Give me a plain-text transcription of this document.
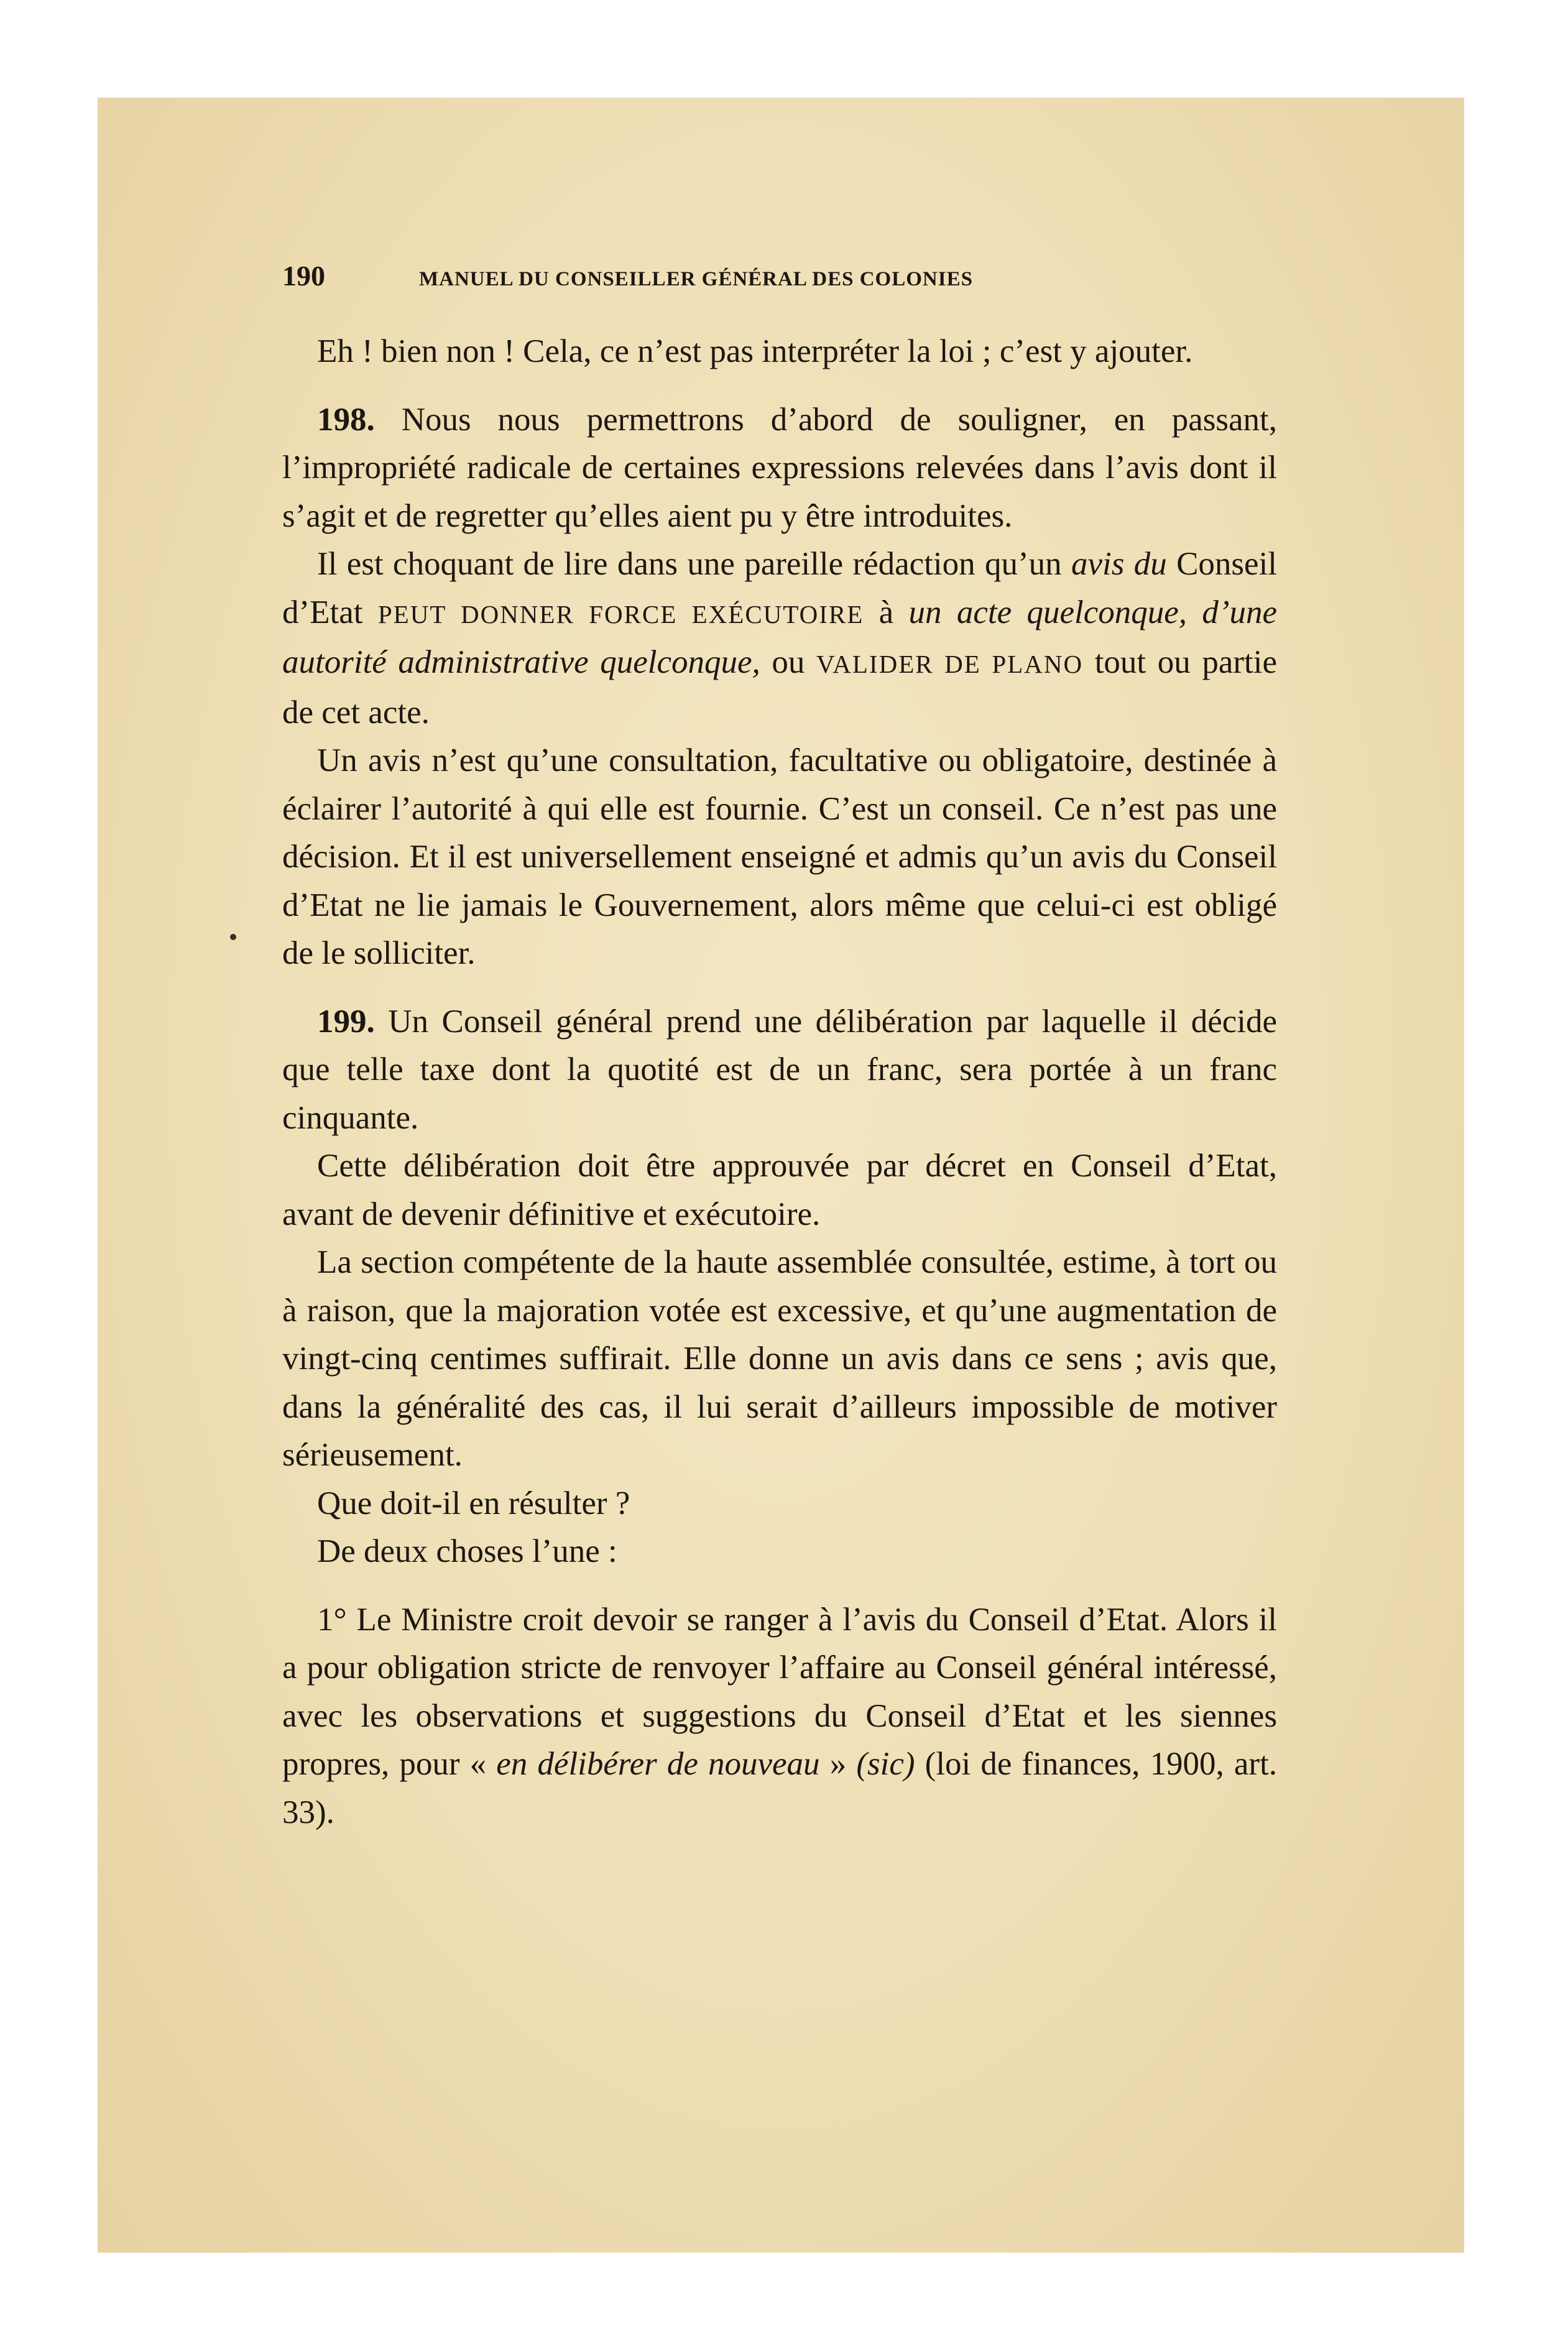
190	MANUEL DU CONSEILLER GÉNÉRAL DES COLONIES

Eh ! bien non ! Cela, ce n’est pas interpréter la loi ; c’est y ajouter.

198. Nous nous permettrons d’abord de souligner, en passant, l’impropriété radicale de certaines expressions relevées dans l’avis dont il s’agit et de regretter qu’elles aient pu y être introduites.

Il est choquant de lire dans une pareille rédaction qu’un avis du Conseil d’Etat PEUT DONNER FORCE EXÉCUTOIRE à un acte quelconque, d’une autorité administrative quelconque, ou VALIDER DE PLANO tout ou partie de cet acte.

Un avis n’est qu’une consultation, facultative ou obligatoire, destinée à éclairer l’autorité à qui elle est fournie. C’est un conseil. Ce n’est pas une décision. Et il est universellement enseigné et admis qu’un avis du Conseil d’Etat ne lie jamais le Gouvernement, alors même que celui-ci est obligé de le solliciter.

199. Un Conseil général prend une délibération par laquelle il décide que telle taxe dont la quotité est de un franc, sera portée à un franc cinquante.

Cette délibération doit être approuvée par décret en Conseil d’Etat, avant de devenir définitive et exécutoire.

La section compétente de la haute assemblée consultée, estime, à tort ou à raison, que la majoration votée est excessive, et qu’une augmentation de vingt-cinq centimes suffirait. Elle donne un avis dans ce sens ; avis que, dans la généralité des cas, il lui serait d’ailleurs impossible de motiver sérieusement.

Que doit-il en résulter ?

De deux choses l’une :

1° Le Ministre croit devoir se ranger à l’avis du Conseil d’Etat. Alors il a pour obligation stricte de renvoyer l’affaire au Conseil général intéressé, avec les observations et suggestions du Conseil d’Etat et les siennes propres, pour « en délibérer de nouveau » (sic) (loi de finances, 1900, art. 33).
